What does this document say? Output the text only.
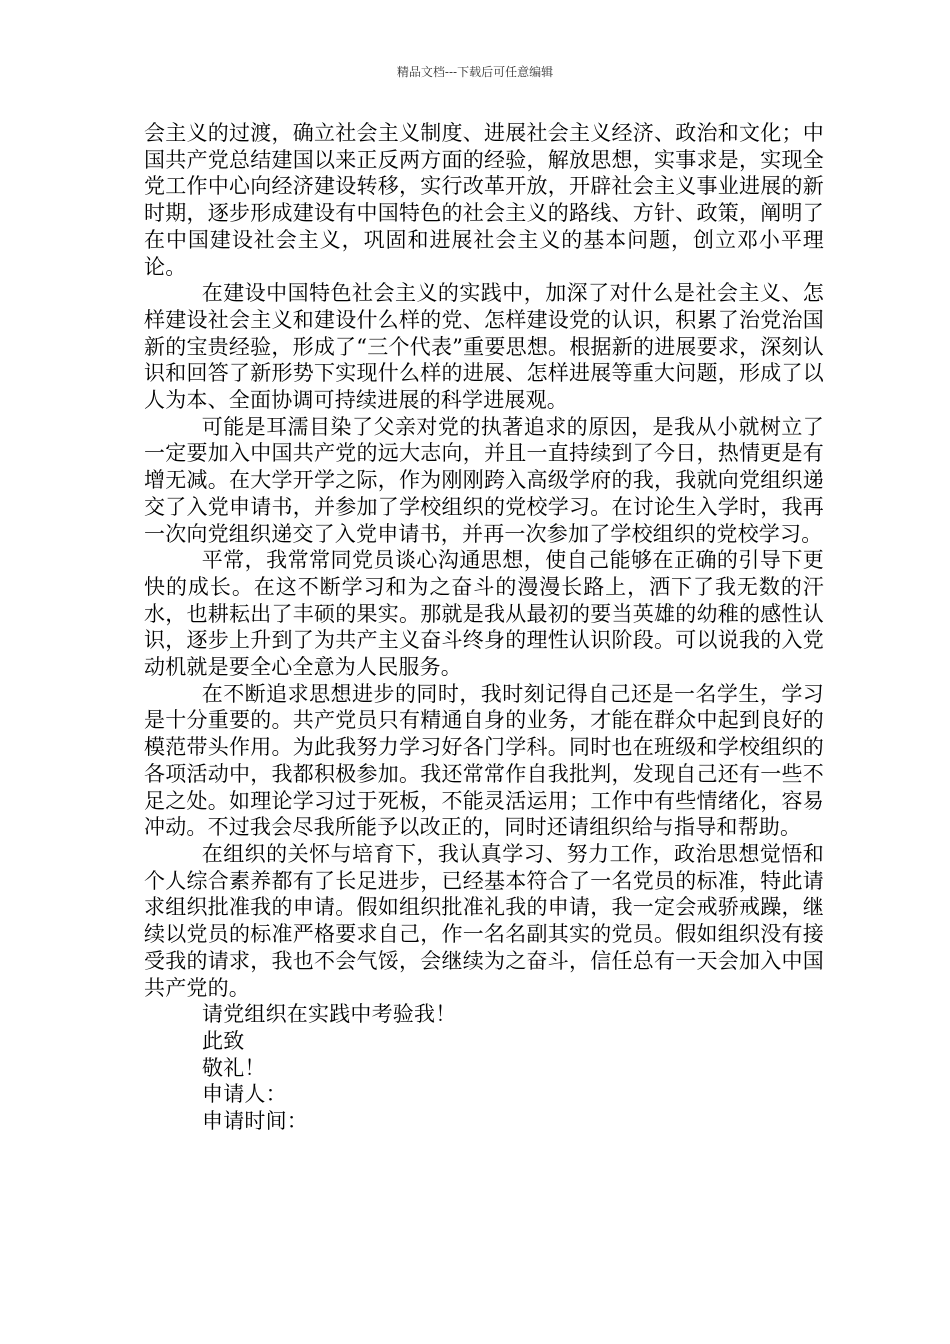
精品文档---下载后可任意编辑

会主义的过渡，确立社会主义制度、进展社会主义经济、政治和文化；中国共产党总结建国以来正反两方面的经验，解放思想，实事求是，实现全党工作中心向经济建设转移，实行改革开放，开辟社会主义事业进展的新时期，逐步形成建设有中国特色的社会主义的路线、方针、政策，阐明了在中国建设社会主义，巩固和进展社会主义的基本问题，创立邓小平理论。

在建设中国特色社会主义的实践中，加深了对什么是社会主义、怎样建设社会主义和建设什么样的党、怎样建设党的认识，积累了治党治国新的宝贵经验，形成了“三个代表”重要思想。根据新的进展要求，深刻认识和回答了新形势下实现什么样的进展、怎样进展等重大问题，形成了以人为本、全面协调可持续进展的科学进展观。

可能是耳濡目染了父亲对党的执著追求的原因，是我从小就树立了一定要加入中国共产党的远大志向，并且一直持续到了今日，热情更是有增无减。在大学开学之际，作为刚刚跨入高级学府的我，我就向党组织递交了入党申请书，并参加了学校组织的党校学习。在讨论生入学时，我再一次向党组织递交了入党申请书，并再一次参加了学校组织的党校学习。

平常，我常常同党员谈心沟通思想，使自己能够在正确的引导下更快的成长。在这不断学习和为之奋斗的漫漫长路上，洒下了我无数的汗水，也耕耘出了丰硕的果实。那就是我从最初的要当英雄的幼稚的感性认识，逐步上升到了为共产主义奋斗终身的理性认识阶段。可以说我的入党动机就是要全心全意为人民服务。

在不断追求思想进步的同时，我时刻记得自己还是一名学生，学习是十分重要的。共产党员只有精通自身的业务，才能在群众中起到良好的模范带头作用。为此我努力学习好各门学科。同时也在班级和学校组织的各项活动中，我都积极参加。我还常常作自我批判，发现自己还有一些不足之处。如理论学习过于死板，不能灵活运用；工作中有些情绪化，容易冲动。不过我会尽我所能予以改正的，同时还请组织给与指导和帮助。

在组织的关怀与培育下，我认真学习、努力工作，政治思想觉悟和个人综合素养都有了长足进步，已经基本符合了一名党员的标准，特此请求组织批准我的申请。假如组织批准礼我的申请，我一定会戒骄戒躁，继续以党员的标准严格要求自己，作一名名副其实的党员。假如组织没有接受我的请求，我也不会气馁，会继续为之奋斗，信任总有一天会加入中国共产党的。

请党组织在实践中考验我！

此致

敬礼！

申请人：

申请时间：
